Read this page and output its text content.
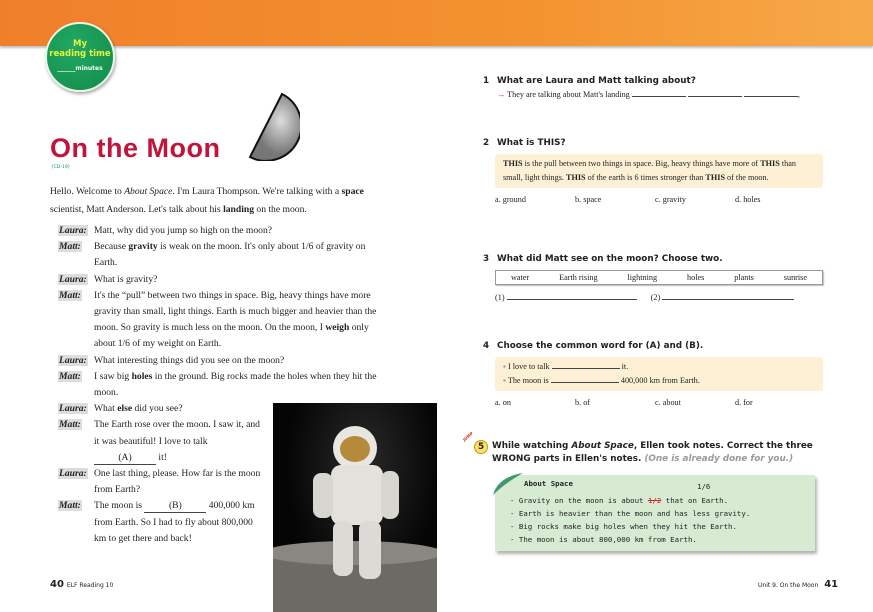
My
reading time
______minutes
On the Moon
[CD-19]
Hello. Welcome to About Space. I'm Laura Thompson. We're talking with a space scientist, Matt Anderson. Let's talk about his landing on the moon.
Laura: Matt, why did you jump so high on the moon?
Matt:	Because gravity is weak on the moon. It's only about 1/6 of gravity on Earth.
Laura: What is gravity?
Matt:	It's the “pull” between two things in space. Big, heavy things have more gravity than small, light things. Earth is much bigger and heavier than the moon. So gravity is much less on the moon. On the moon, I weigh only about 1/6 of my weight on Earth.
Laura: What interesting things did you see on the moon?
Matt:	I saw big holes in the ground. Big rocks made the holes when they hit the moon.
Laura: What else did you see?
Matt:	The Earth rose over the moon. I saw it, and it was beautiful! I love to talk (A)	it!
Laura: One last thing, please. How far is the moon from Earth?
Matt:	The moon is	(B)	400,000 km from Earth. So I had to fly about 800,000 km to get there and back!
40 ELF Reading 10	Unit 9. On the Moon 41
1 What are Laura and Matt talking about?
→ They are talking about Matt's landing	,
2 What is THIS?
THIS is the pull between two things in space. Big, heavy things have more of THIS than small, light things. THIS of the earth is 6 times stronger than THIS of the moon.
a. ground	b. space	c. gravity	d. holes
3 What did Matt see on the moon? Choose two.
water	Earth rising	lightning	holes	plants	sunrise
(1)	(2)
4 Choose the common word for (A) and (B).
▪ I love to talk	it.
▪ The moon is	400,000 km from Earth.
a. on	b. of	c. about	d. for
JUMP
5 While watching About Space, Ellen took notes. Correct the three WRONG parts in Ellen's notes. (One is already done for you.)
About Space	1/6
- Gravity on the moon is about 1/2 that on Earth.
- Earth is heavier than the moon and has less gravity.
- Big rocks make big holes when they hit the Earth.
- The moon is about 800,000 km from Earth.
